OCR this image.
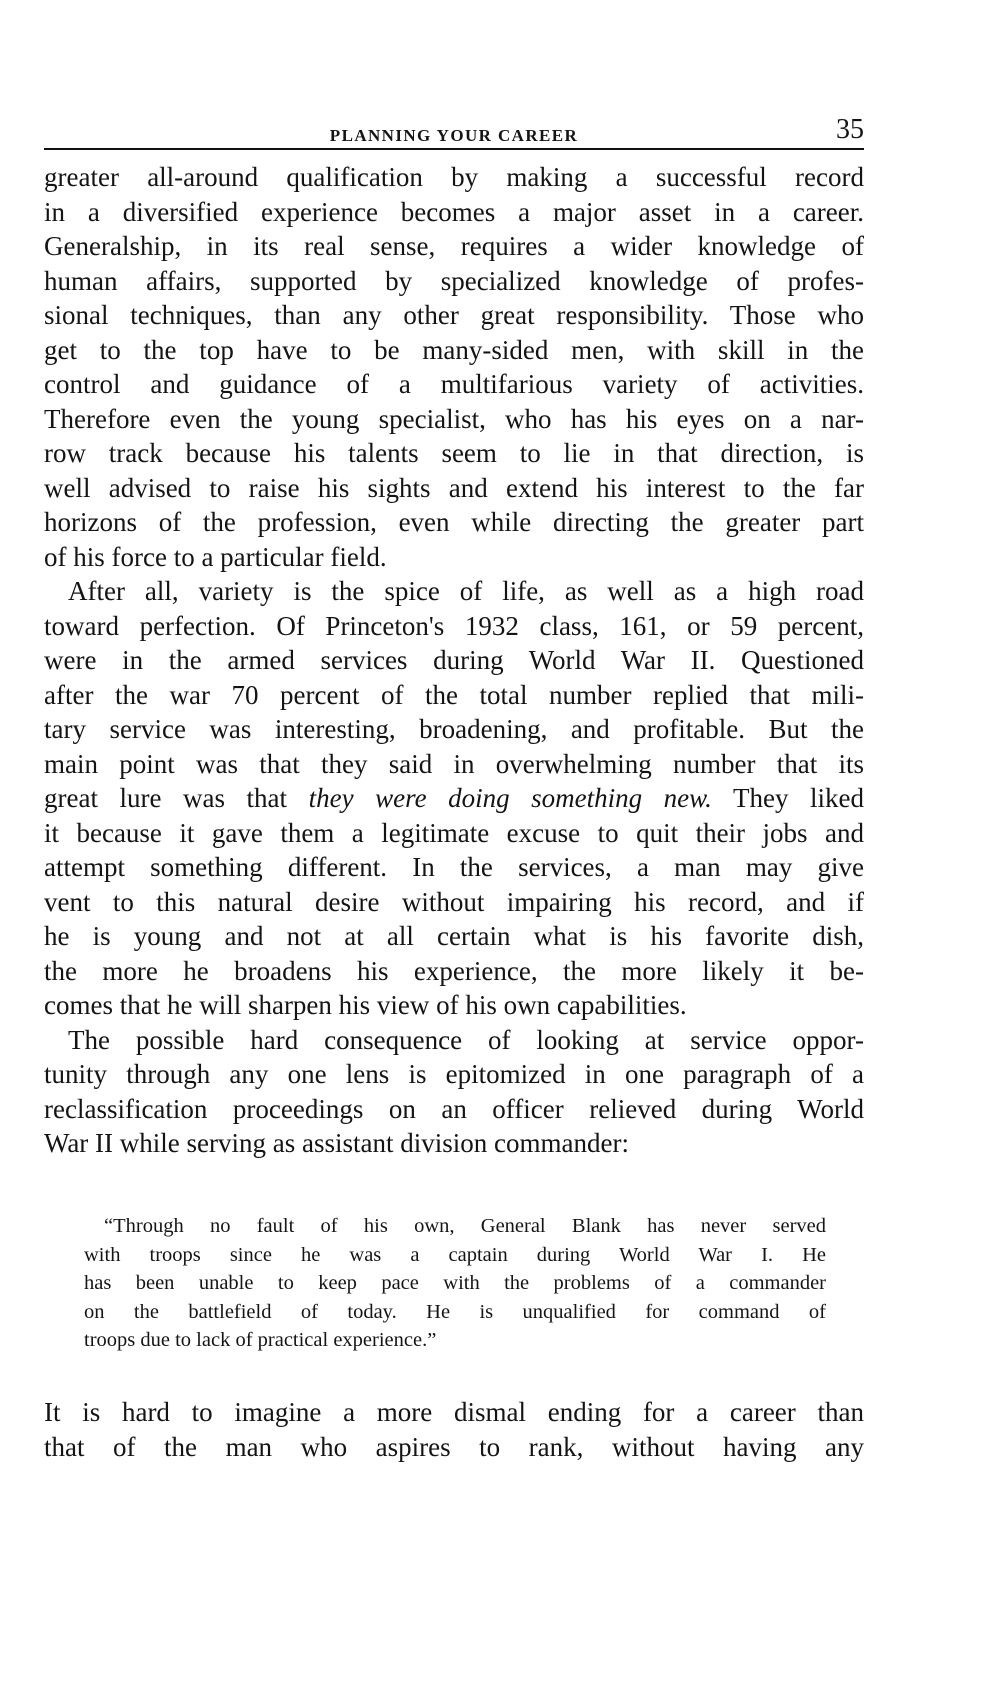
PLANNING YOUR CAREER	35

greater all-around qualification by making a successful record
in a diversified experience becomes a major asset in a career.
Generalship, in its real sense, requires a wider knowledge of
human affairs, supported by specialized knowledge of profes-
sional techniques, than any other great responsibility. Those who
get to the top have to be many-sided men, with skill in the
control and guidance of a multifarious variety of activities.
Therefore even the young specialist, who has his eyes on a nar-
row track because his talents seem to lie in that direction, is
well advised to raise his sights and extend his interest to the far
horizons of the profession, even while directing the greater part
of his force to a particular field.

After all, variety is the spice of life, as well as a high road
toward perfection. Of Princeton's 1932 class, 161, or 59 percent,
were in the armed services during World War II. Questioned
after the war 70 percent of the total number replied that mili-
tary service was interesting, broadening, and profitable. But the
main point was that they said in overwhelming number that its
great lure was that they were doing something new. They liked
it because it gave them a legitimate excuse to quit their jobs and
attempt something different. In the services, a man may give
vent to this natural desire without impairing his record, and if
he is young and not at all certain what is his favorite dish,
the more he broadens his experience, the more likely it be-
comes that he will sharpen his view of his own capabilities.

The possible hard consequence of looking at service oppor-
tunity through any one lens is epitomized in one paragraph of a
reclassification proceedings on an officer relieved during World
War II while serving as assistant division commander:

“Through no fault of his own, General Blank has never served
with troops since he was a captain during World War I. He
has been unable to keep pace with the problems of a commander
on the battlefield of today. He is unqualified for command of
troops due to lack of practical experience.”

It is hard to imagine a more dismal ending for a career than
that of the man who aspires to rank, without having any
